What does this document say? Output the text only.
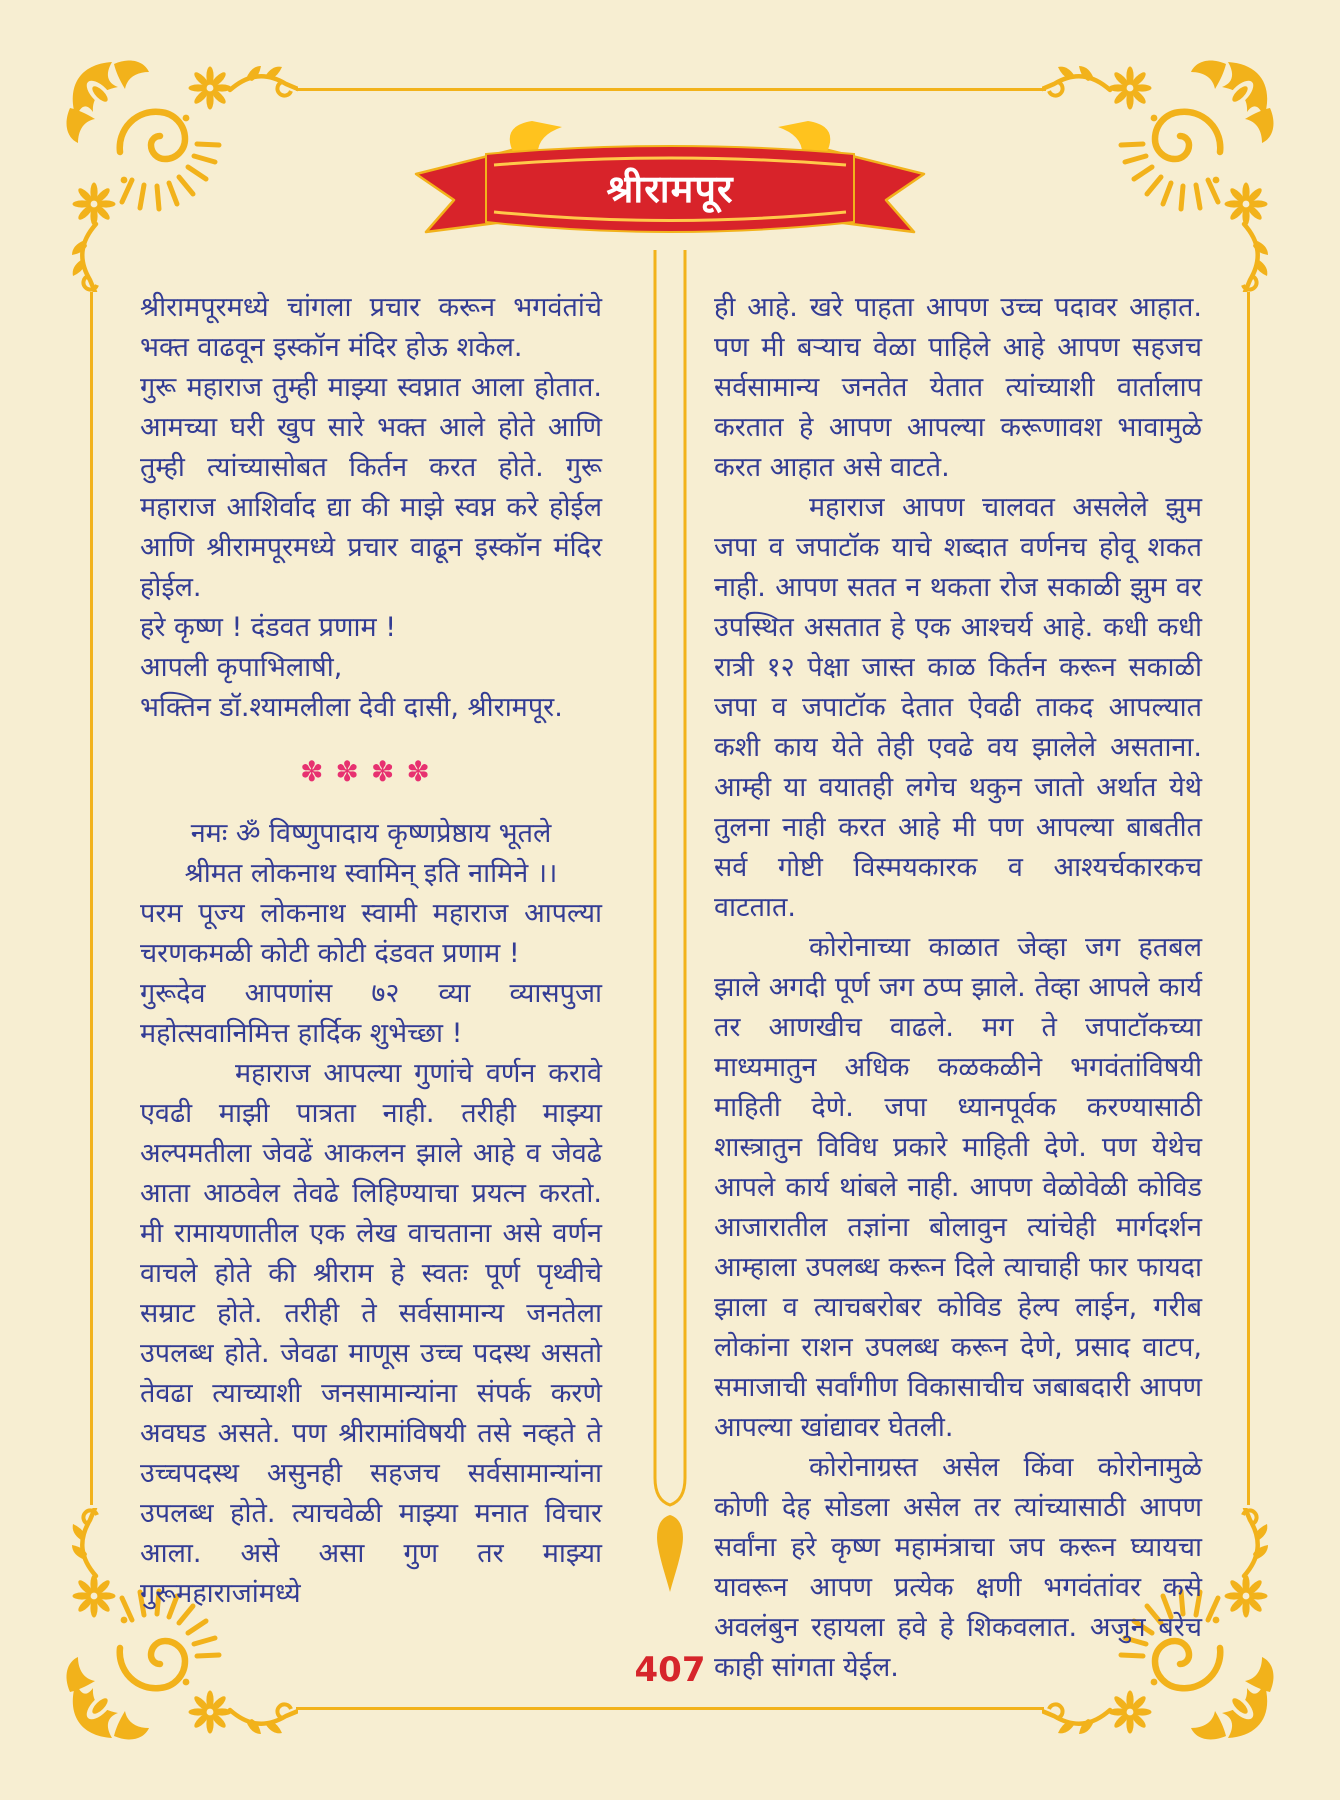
श्रीरामपूर

श्रीरामपूरमध्ये चांगला प्रचार करून भगवंतांचे भक्त वाढवून इस्कॉन मंदिर होऊ शकेल.

गुरू महाराज तुम्ही माझ्या स्वप्नात आला होतात. आमच्या घरी खुप सारे भक्त आले होते आणि तुम्ही त्यांच्यासोबत किर्तन करत होते. गुरू महाराज आशिर्वाद द्या की माझे स्वप्न करे होईल आणि श्रीरामपूरमध्ये प्रचार वाढून इस्कॉन मंदिर होईल.

हरे कृष्ण ! दंडवत प्रणाम !

आपली कृपाभिलाषी,

भक्तिन डॉ.श्यामलीला देवी दासी, श्रीरामपूर.

✽✽✽✽

नमः ॐ विष्णुपादाय कृष्णप्रेष्ठाय भूतले

श्रीमत लोकनाथ स्वामिन् इति नामिने ।।

परम पूज्य लोकनाथ स्वामी महाराज आपल्या चरणकमळी कोटी कोटी दंडवत प्रणाम !

गुरूदेव आपणांस ७२ व्या व्यासपुजा महोत्सवानिमित्त हार्दिक शुभेच्छा !

महाराज आपल्या गुणांचे वर्णन करावे एवढी माझी पात्रता नाही. तरीही माझ्या अल्पमतीला जेवढें आकलन झाले आहे व जेवढे आता आठवेल तेवढे लिहिण्याचा प्रयत्न करतो. मी रामायणातील एक लेख वाचताना असे वर्णन वाचले होते की श्रीराम हे स्वतः पूर्ण पृथ्वीचे सम्राट होते. तरीही ते सर्वसामान्य जनतेला उपलब्ध होते. जेवढा माणूस उच्च पदस्थ असतो तेवढा त्याच्याशी जनसामान्यांना संपर्क करणे अवघड असते. पण श्रीरामांविषयी तसे नव्हते ते उच्चपदस्थ असुनही सहजच सर्वसामान्यांना उपलब्ध होते. त्याचवेळी माझ्या मनात विचार आला. असे असा गुण तर माझ्या गुरूमहाराजांमध्ये

ही आहे. खरे पाहता आपण उच्च पदावर आहात. पण मी बऱ्याच वेळा पाहिले आहे आपण सहजच सर्वसामान्य जनतेत येतात त्यांच्याशी वार्तालाप करतात हे आपण आपल्या करूणावश भावामुळे करत आहात असे वाटते.

महाराज आपण चालवत असलेले झुम जपा व जपाटॉक याचे शब्दात वर्णनच होवू शकत नाही. आपण सतत न थकता रोज सकाळी झुम वर उपस्थित असतात हे एक आश्चर्य आहे. कधी कधी रात्री १२ पेक्षा जास्त काळ किर्तन करून सकाळी जपा व जपाटॉक देतात ऐवढी ताकद आपल्यात कशी काय येते तेही एवढे वय झालेले असताना. आम्ही या वयातही लगेच थकुन जातो अर्थात येथे तुलना नाही करत आहे मी पण आपल्या बाबतीत सर्व गोष्टी विस्मयकारक व आश्यर्चकारकच वाटतात.

कोरोनाच्या काळात जेव्हा जग हतबल झाले अगदी पूर्ण जग ठप्प झाले. तेव्हा आपले कार्य तर आणखीच वाढले. मग ते जपाटॉकच्या माध्यमातुन अधिक कळकळीने भगवंतांविषयी माहिती देणे. जपा ध्यानपूर्वक करण्यासाठी शास्त्रातुन विविध प्रकारे माहिती देणे. पण येथेच आपले कार्य थांबले नाही. आपण वेळोवेळी कोविड आजारातील तज्ञांना बोलावुन त्यांचेही मार्गदर्शन आम्हाला उपलब्ध करून दिले त्याचाही फार फायदा झाला व त्याचबरोबर कोविड हेल्प लाईन, गरीब लोकांना राशन उपलब्ध करून देणे, प्रसाद वाटप, समाजाची सर्वांगीण विकासाचीच जबाबदारी आपण आपल्या खांद्यावर घेतली.

कोरोनाग्रस्त असेल किंवा कोरोनामुळे कोणी देह सोडला असेल तर त्यांच्यासाठी आपण सर्वांना हरे कृष्ण महामंत्राचा जप करून घ्यायचा यावरून आपण प्रत्येक क्षणी भगवंतांवर कसे अवलंबुन रहायला हवे हे शिकवलात. अजुन बरेच काही सांगता येईल.

407
